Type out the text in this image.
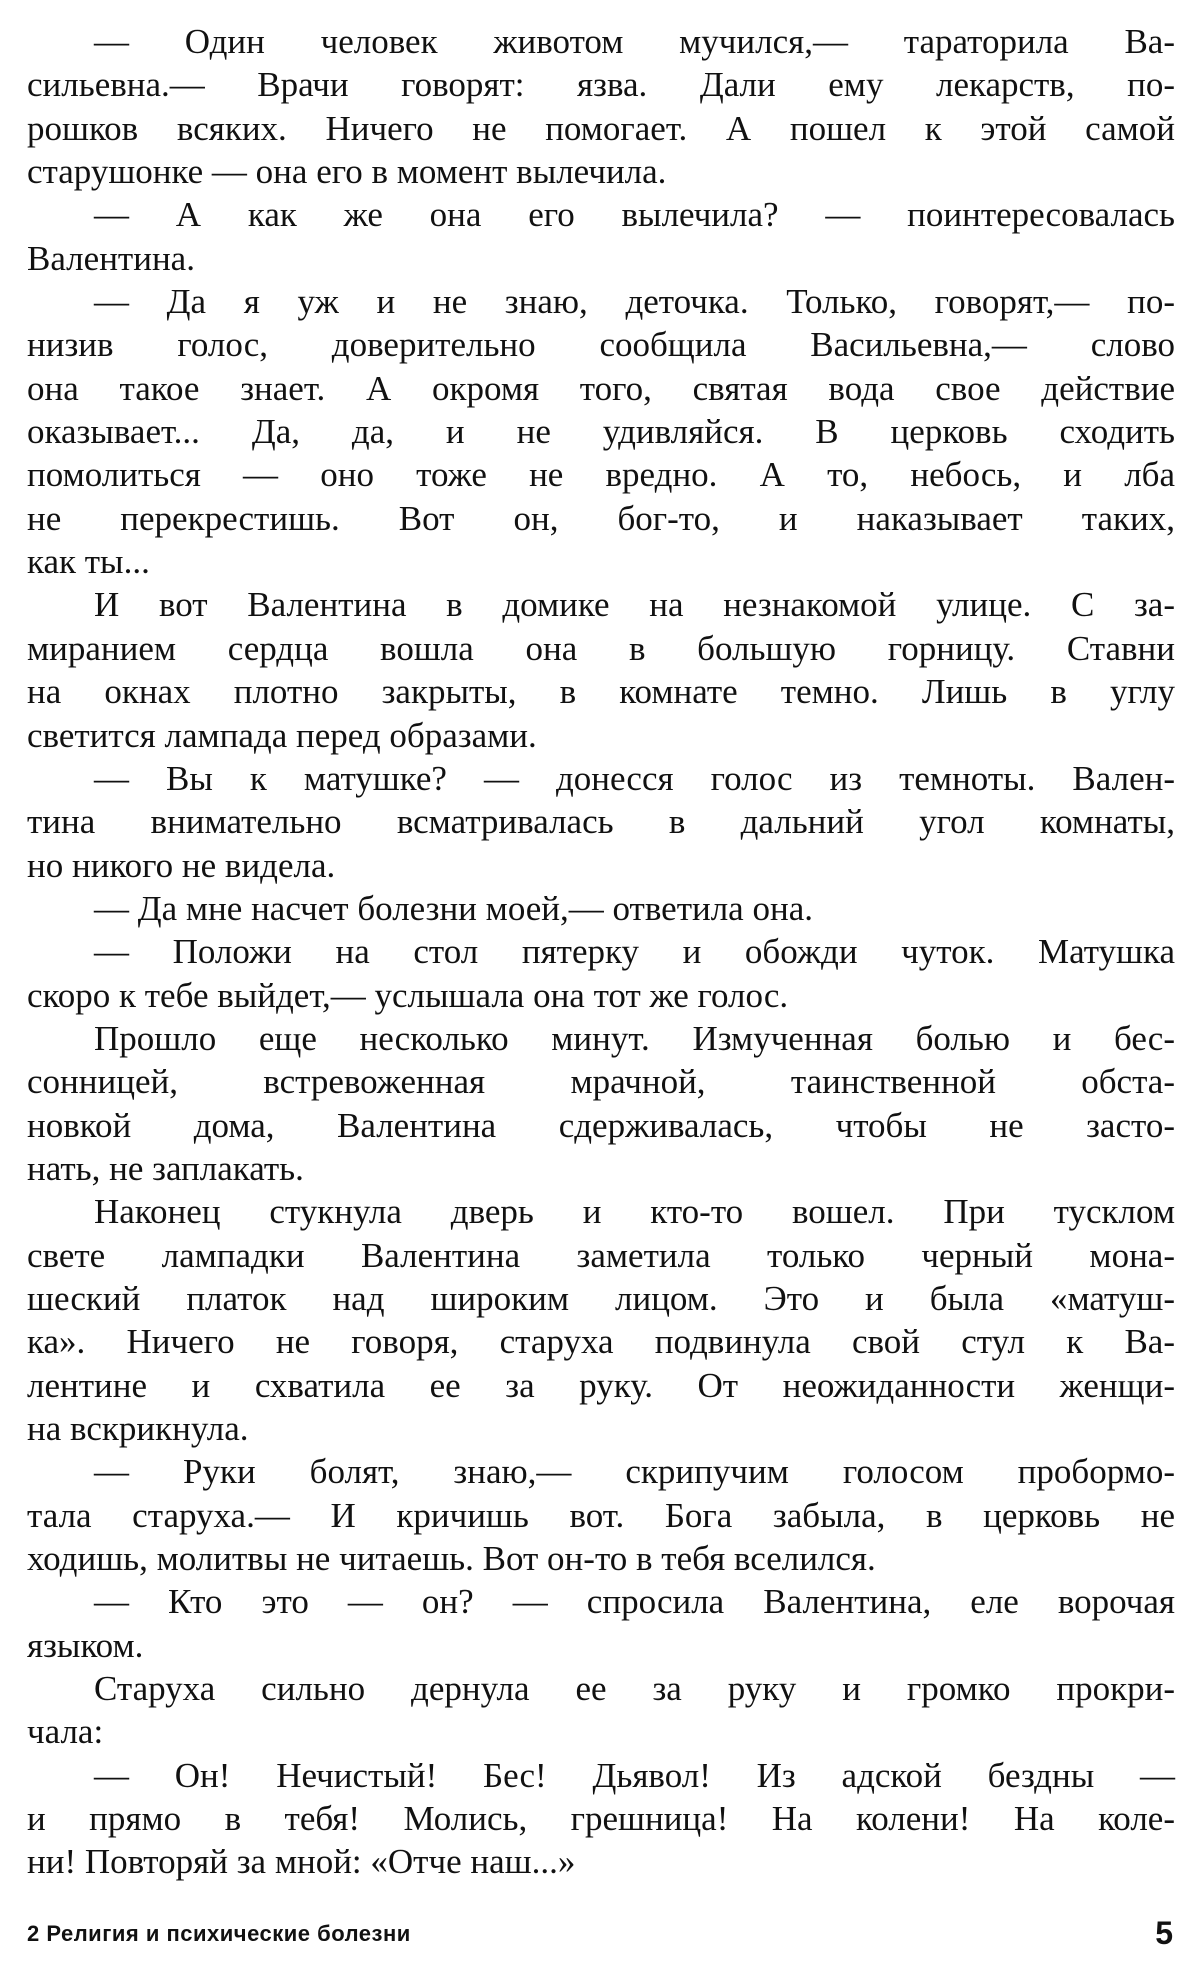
— Один человек животом мучился,— тараторила Ва-
сильевна.— Врачи говорят: язва. Дали ему лекарств, по-
рошков всяких. Ничего не помогает. А пошел к этой самой
старушонке — она его в момент вылечила.
— А как же она его вылечила? — поинтересовалась
Валентина.
— Да я уж и не знаю, деточка. Только, говорят,— по-
низив голос, доверительно сообщила Васильевна,— слово
она такое знает. А окромя того, святая вода свое действие
оказывает... Да, да, и не удивляйся. В церковь сходить
помолиться — оно тоже не вредно. А то, небось, и лба
не перекрестишь. Вот он, бог-то, и наказывает таких,
как ты...
И вот Валентина в домике на незнакомой улице. С за-
миранием сердца вошла она в большую горницу. Ставни
на окнах плотно закрыты, в комнате темно. Лишь в углу
светится лампада перед образами.
— Вы к матушке? — донесся голос из темноты. Вален-
тина внимательно всматривалась в дальний угол комнаты,
но никого не видела.
— Да мне насчет болезни моей,— ответила она.
— Положи на стол пятерку и обожди чуток. Матушка
скоро к тебе выйдет,— услышала она тот же голос.
Прошло еще несколько минут. Измученная болью и бес-
сонницей, встревоженная мрачной, таинственной обста-
новкой дома, Валентина сдерживалась, чтобы не засто-
нать, не заплакать.
Наконец стукнула дверь и кто-то вошел. При тусклом
свете лампадки Валентина заметила только черный мона-
шеский платок над широким лицом. Это и была «матуш-
ка». Ничего не говоря, старуха подвинула свой стул к Ва-
лентине и схватила ее за руку. От неожиданности женщи-
на вскрикнула.
— Руки болят, знаю,— скрипучим голосом пробормо-
тала старуха.— И кричишь вот. Бога забыла, в церковь не
ходишь, молитвы не читаешь. Вот он-то в тебя вселился.
— Кто это — он? — спросила Валентина, еле ворочая
языком.
Старуха сильно дернула ее за руку и громко прокри-
чала:
— Он! Нечистый! Бес! Дьявол! Из адской бездны —
и прямо в тебя! Молись, грешница! На колени! На коле-
ни! Повторяй за мной: «Отче наш...»
2 Религия и психические болезни	5
